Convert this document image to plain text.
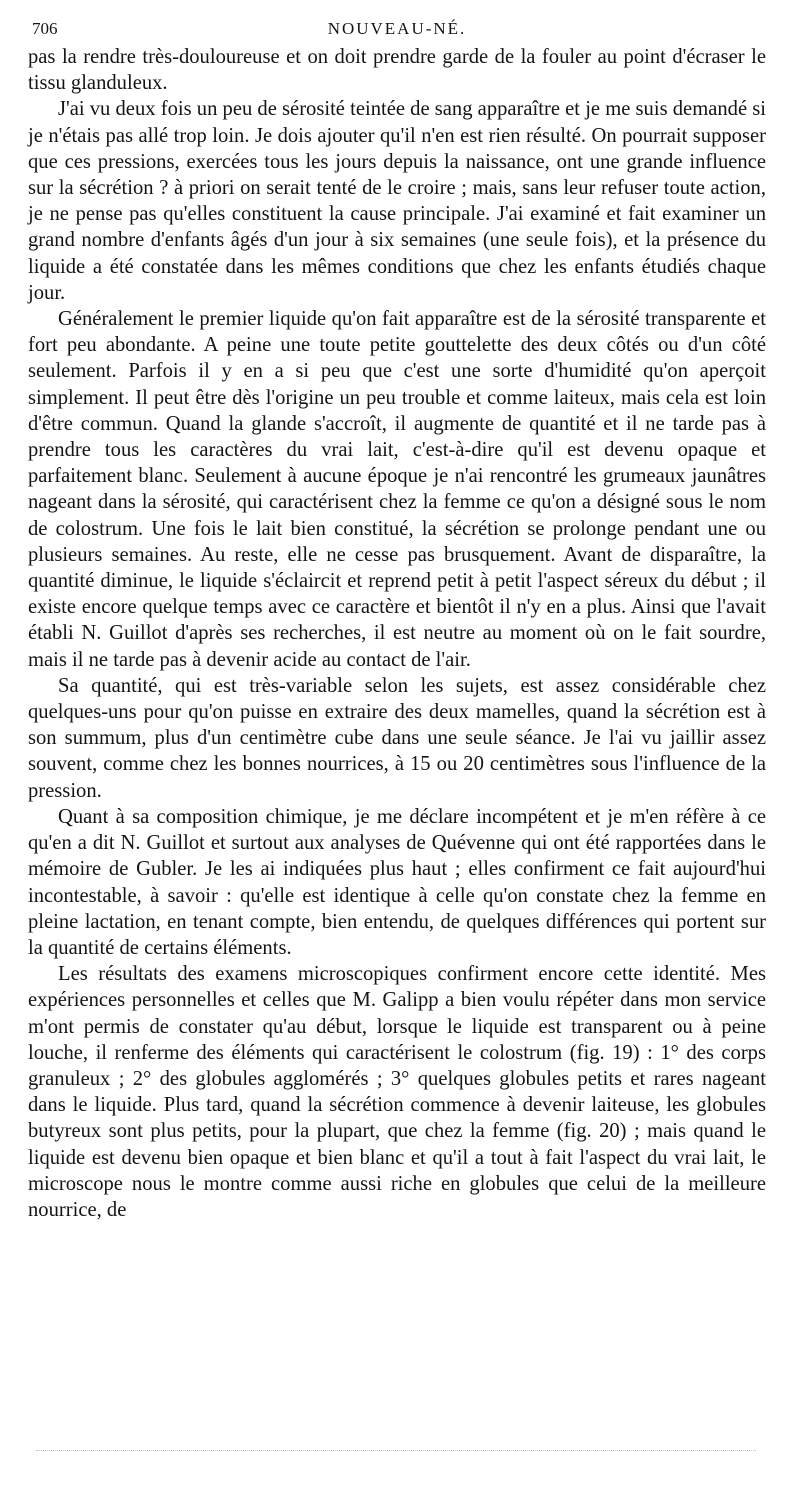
706	NOUVEAU-NÉ.

pas la rendre très-douloureuse et on doit prendre garde de la fouler au point d'écraser le tissu glanduleux.

J'ai vu deux fois un peu de sérosité teintée de sang apparaître et je me suis demandé si je n'étais pas allé trop loin. Je dois ajouter qu'il n'en est rien résulté. On pourrait supposer que ces pressions, exercées tous les jours depuis la naissance, ont une grande influence sur la sécrétion ? à priori on serait tenté de le croire ; mais, sans leur refuser toute action, je ne pense pas qu'elles constituent la cause principale. J'ai examiné et fait examiner un grand nombre d'enfants âgés d'un jour à six semaines (une seule fois), et la présence du liquide a été constatée dans les mêmes conditions que chez les enfants étudiés chaque jour.

Généralement le premier liquide qu'on fait apparaître est de la sérosité transparente et fort peu abondante. A peine une toute petite gouttelette des deux côtés ou d'un côté seulement. Parfois il y en a si peu que c'est une sorte d'humidité qu'on aperçoit simplement. Il peut être dès l'origine un peu trouble et comme laiteux, mais cela est loin d'être commun. Quand la glande s'accroît, il augmente de quantité et il ne tarde pas à prendre tous les caractères du vrai lait, c'est-à-dire qu'il est devenu opaque et parfaitement blanc. Seulement à aucune époque je n'ai rencontré les grumeaux jaunâtres nageant dans la sérosité, qui caractérisent chez la femme ce qu'on a désigné sous le nom de colostrum. Une fois le lait bien constitué, la sécrétion se prolonge pendant une ou plusieurs semaines. Au reste, elle ne cesse pas brusquement. Avant de disparaître, la quantité diminue, le liquide s'éclaircit et reprend petit à petit l'aspect séreux du début ; il existe encore quelque temps avec ce caractère et bientôt il n'y en a plus. Ainsi que l'avait établi N. Guillot d'après ses recherches, il est neutre au moment où on le fait sourdre, mais il ne tarde pas à devenir acide au contact de l'air.

Sa quantité, qui est très-variable selon les sujets, est assez considérable chez quelques-uns pour qu'on puisse en extraire des deux mamelles, quand la sécrétion est à son summum, plus d'un centimètre cube dans une seule séance. Je l'ai vu jaillir assez souvent, comme chez les bonnes nourrices, à 15 ou 20 centimètres sous l'influence de la pression.

Quant à sa composition chimique, je me déclare incompétent et je m'en réfère à ce qu'en a dit N. Guillot et surtout aux analyses de Quévenne qui ont été rapportées dans le mémoire de Gubler. Je les ai indiquées plus haut ; elles confirment ce fait aujourd'hui incontestable, à savoir : qu'elle est identique à celle qu'on constate chez la femme en pleine lactation, en tenant compte, bien entendu, de quelques différences qui portent sur la quantité de certains éléments.

Les résultats des examens microscopiques confirment encore cette identité. Mes expériences personnelles et celles que M. Galipp a bien voulu répéter dans mon service m'ont permis de constater qu'au début, lorsque le liquide est transparent ou à peine louche, il renferme des éléments qui caractérisent le colostrum (fig. 19) : 1° des corps granuleux ; 2° des globules agglomérés ; 3° quelques globules petits et rares nageant dans le liquide. Plus tard, quand la sécrétion commence à devenir laiteuse, les globules butyreux sont plus petits, pour la plupart, que chez la femme (fig. 20) ; mais quand le liquide est devenu bien opaque et bien blanc et qu'il a tout à fait l'aspect du vrai lait, le microscope nous le montre comme aussi riche en globules que celui de la meilleure nourrice, de
